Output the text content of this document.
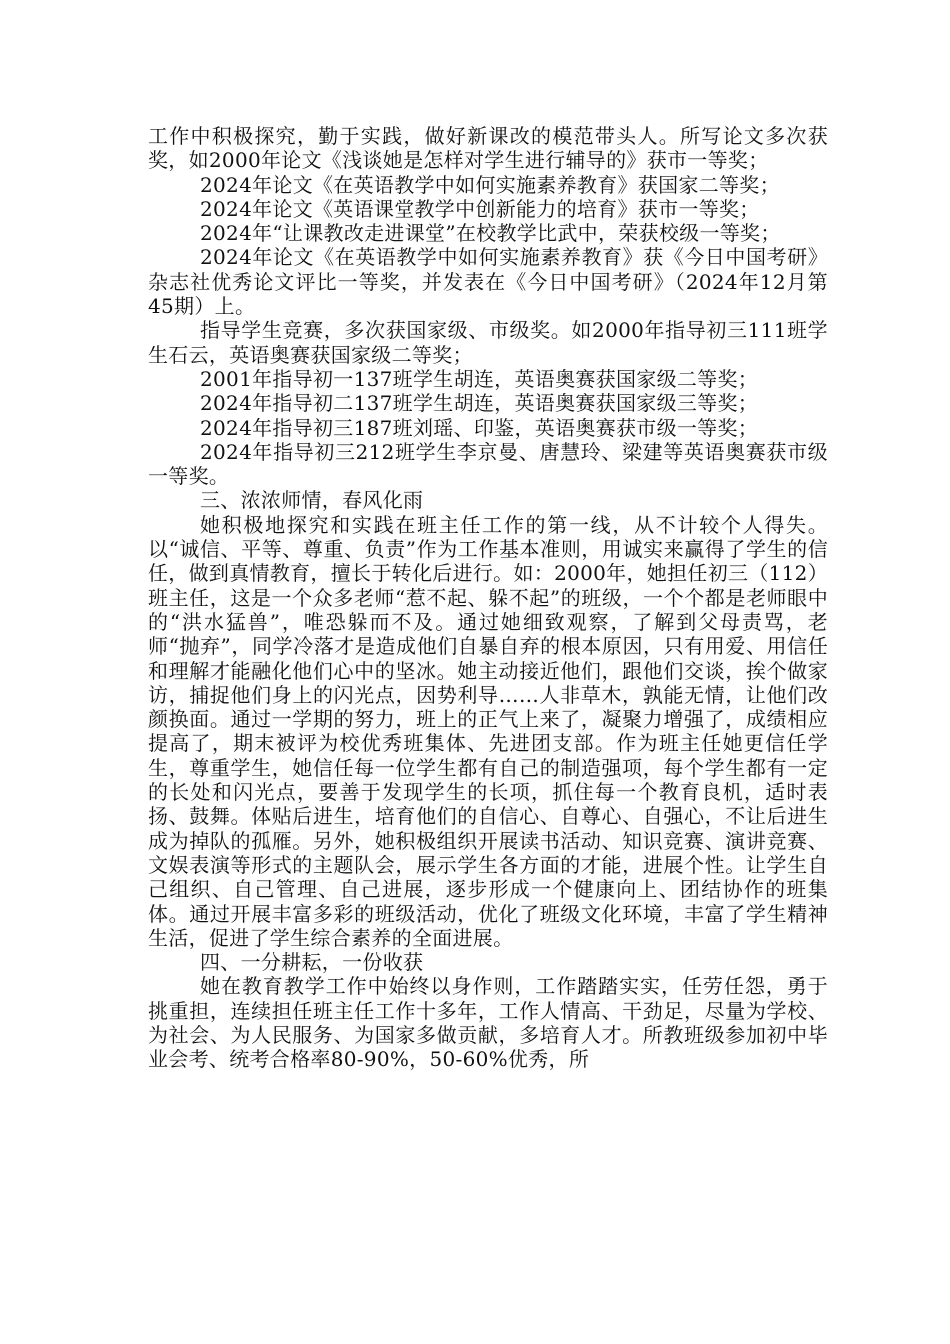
工作中积极探究，勤于实践，做好新课改的模范带头人。所写论文多次获奖，如2000年论文《浅谈她是怎样对学生进行辅导的》获市一等奖；

2024年论文《在英语教学中如何实施素养教育》获国家二等奖；

2024年论文《英语课堂教学中创新能力的培育》获市一等奖；

2024年“让课教改走进课堂”在校教学比武中，荣获校级一等奖；

2024年论文《在英语教学中如何实施素养教育》获《今日中国考研》杂志社优秀论文评比一等奖，并发表在《今日中国考研》（2024年12月第45期）上。

指导学生竞赛，多次获国家级、市级奖。如2000年指导初三111班学生石云，英语奥赛获国家级二等奖；

2001年指导初一137班学生胡连，英语奥赛获国家级二等奖；

2024年指导初二137班学生胡连，英语奥赛获国家级三等奖；

2024年指导初三187班刘瑶、印鉴，英语奥赛获市级一等奖；

2024年指导初三212班学生李京曼、唐慧玲、梁建等英语奥赛获市级一等奖。

三、浓浓师情，春风化雨

她积极地探究和实践在班主任工作的第一线，从不计较个人得失。以“诚信、平等、尊重、负责”作为工作基本准则，用诚实来赢得了学生的信任，做到真情教育，擅长于转化后进行。如：2000年，她担任初三（112）班主任，这是一个众多老师“惹不起、躲不起”的班级，一个个都是老师眼中的“洪水猛兽”，唯恐躲而不及。通过她细致观察，了解到父母责骂，老师“抛弃”，同学冷落才是造成他们自暴自弃的根本原因，只有用爱、用信任和理解才能融化他们心中的坚冰。她主动接近他们，跟他们交谈，挨个做家访，捕捉他们身上的闪光点，因势利导……人非草木，孰能无情，让他们改颜换面。通过一学期的努力，班上的正气上来了，凝聚力增强了，成绩相应提高了，期末被评为校优秀班集体、先进团支部。作为班主任她更信任学生，尊重学生，她信任每一位学生都有自己的制造强项，每个学生都有一定的长处和闪光点，要善于发现学生的长项，抓住每一个教育良机，适时表扬、鼓舞。体贴后进生，培育他们的自信心、自尊心、自强心，不让后进生成为掉队的孤雁。另外，她积极组织开展读书活动、知识竞赛、演讲竞赛、文娱表演等形式的主题队会，展示学生各方面的才能，进展个性。让学生自己组织、自己管理、自己进展，逐步形成一个健康向上、团结协作的班集体。通过开展丰富多彩的班级活动，优化了班级文化环境，丰富了学生精神生活，促进了学生综合素养的全面进展。

四、一分耕耘，一份收获

她在教育教学工作中始终以身作则，工作踏踏实实，任劳任怨，勇于挑重担，连续担任班主任工作十多年，工作人情高、干劲足，尽量为学校、为社会、为人民服务、为国家多做贡献，多培育人才。所教班级参加初中毕业会考、统考合格率80-90%，50-60%优秀，所
